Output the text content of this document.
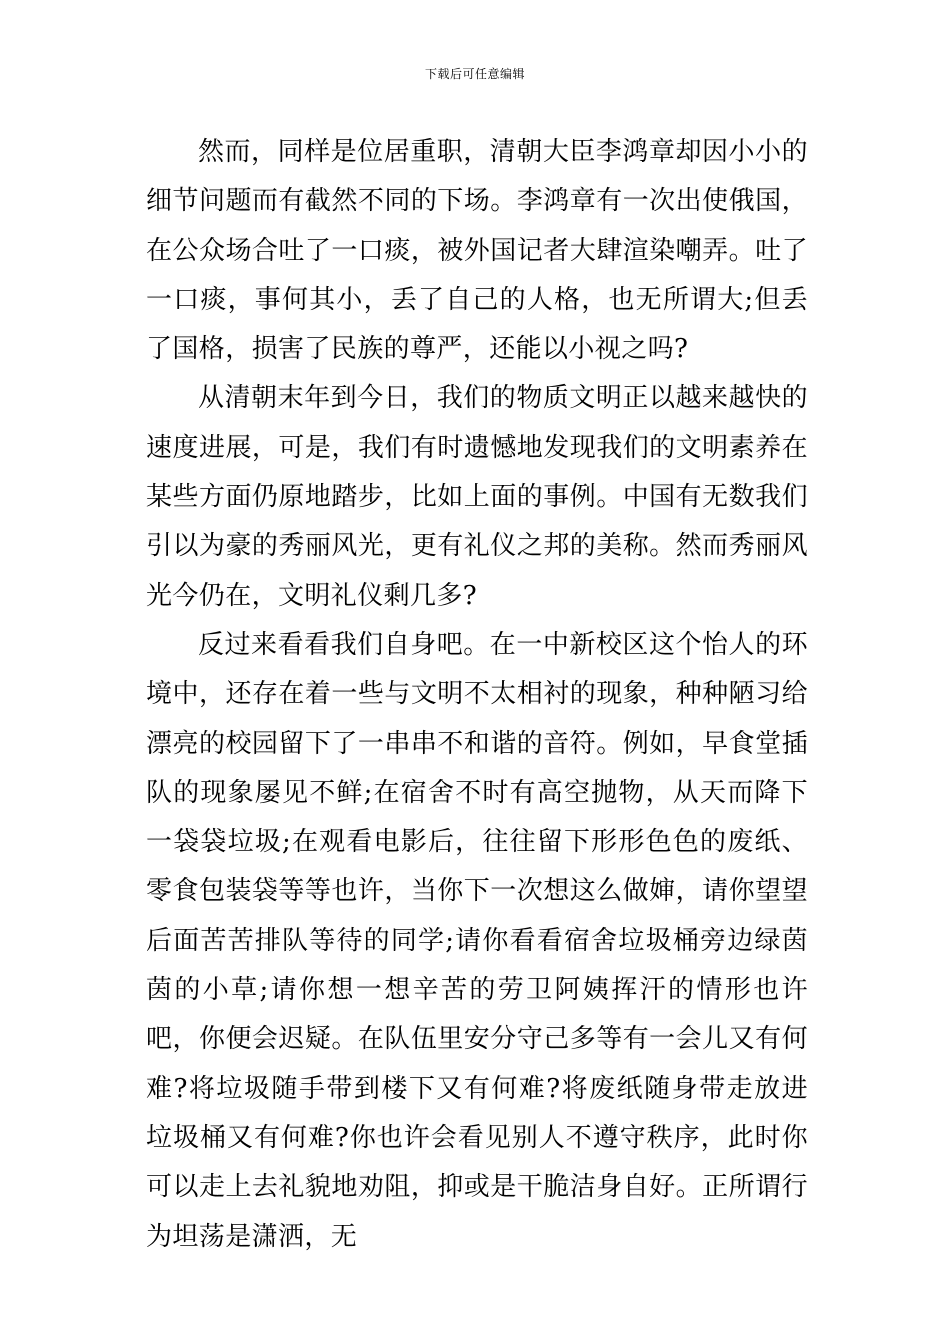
下载后可任意编辑

然而，同样是位居重职，清朝大臣李鸿章却因小小的细节问题而有截然不同的下场。李鸿章有一次出使俄国，在公众场合吐了一口痰，被外国记者大肆渲染嘲弄。吐了一口痰，事何其小，丢了自己的人格，也无所谓大;但丢了国格，损害了民族的尊严，还能以小视之吗?

从清朝末年到今日，我们的物质文明正以越来越快的速度进展，可是，我们有时遗憾地发现我们的文明素养在某些方面仍原地踏步，比如上面的事例。中国有无数我们引以为豪的秀丽风光，更有礼仪之邦的美称。然而秀丽风光今仍在，文明礼仪剩几多?

反过来看看我们自身吧。在一中新校区这个怡人的环境中，还存在着一些与文明不太相衬的现象，种种陋习给漂亮的校园留下了一串串不和谐的音符。例如，早食堂插队的现象屡见不鲜;在宿舍不时有高空抛物，从天而降下一袋袋垃圾;在观看电影后，往往留下形形色色的废纸、零食包装袋等等也许，当你下一次想这么做婶，请你望望后面苦苦排队等待的同学;请你看看宿舍垃圾桶旁边绿茵茵的小草;请你想一想辛苦的劳卫阿姨挥汗的情形也许吧，你便会迟疑。在队伍里安分守己多等有一会儿又有何难?将垃圾随手带到楼下又有何难?将废纸随身带走放进垃圾桶又有何难?你也许会看见别人不遵守秩序，此时你可以走上去礼貌地劝阻，抑或是干脆洁身自好。正所谓行为坦荡是潇洒，无
